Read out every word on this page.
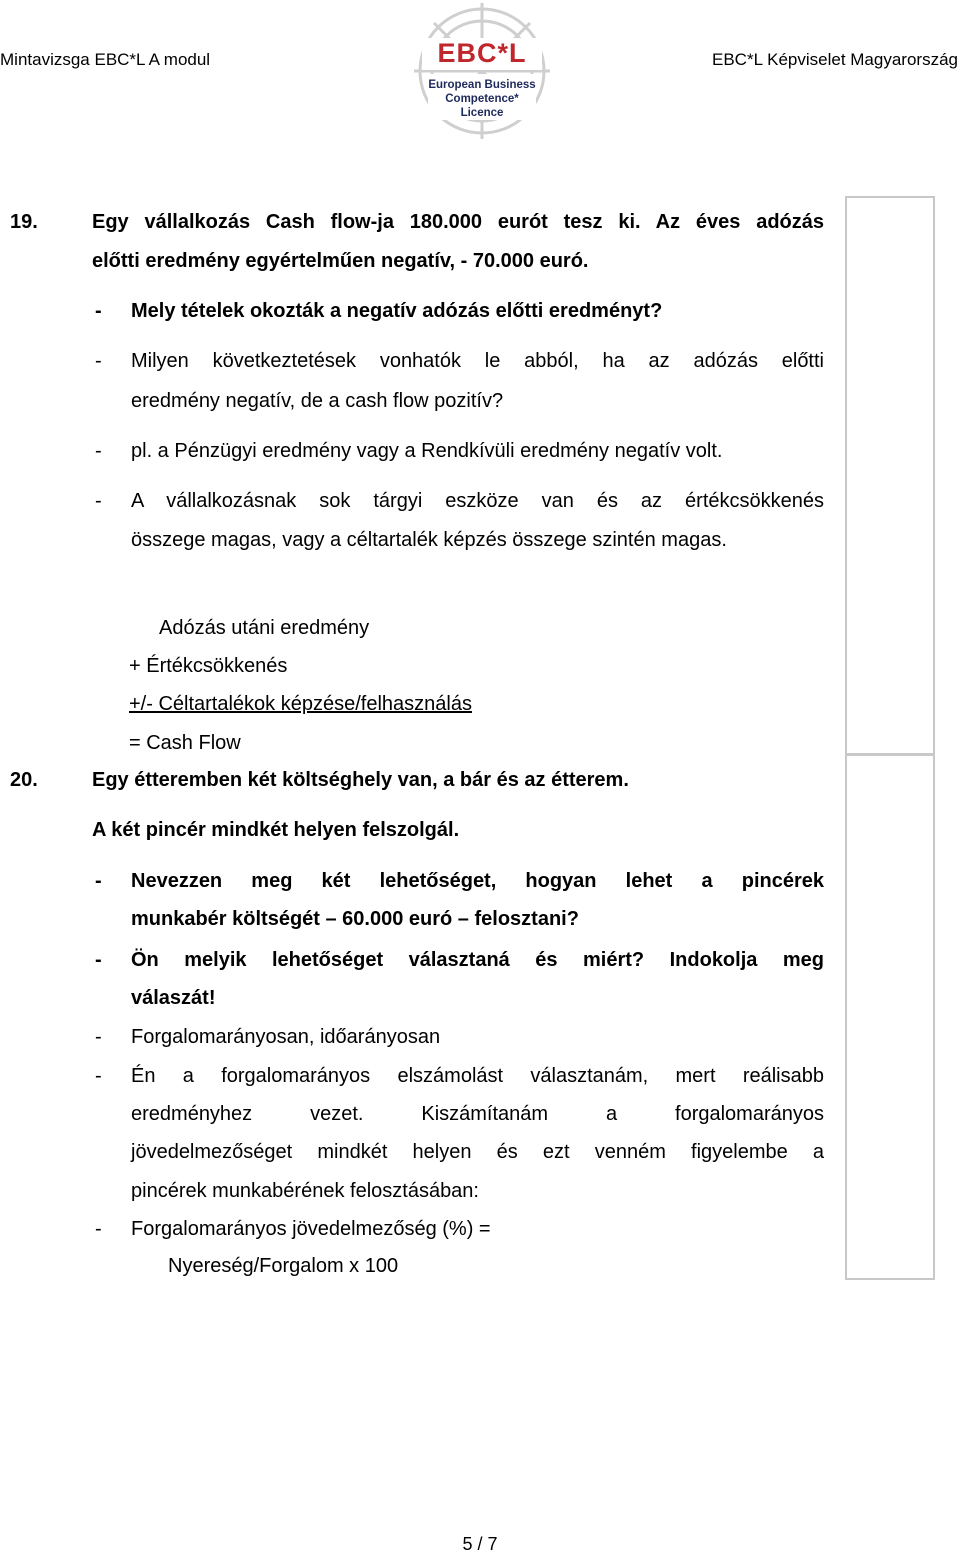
Mintavizsga EBC*L A modul	EBC*L Képviselet Magyarország
EBC*L
European Business
Competence*
Licence
19.	Egy vállalkozás Cash flow-ja 180.000 eurót tesz ki. Az éves adózás
előtti eredmény egyértelműen negatív, - 70.000 euró.
- Mely tételek okozták a negatív adózás előtti eredményt?
- Milyen következtetések vonhatók le abból, ha az adózás előtti
eredmény negatív, de a cash flow pozitív?
- pl. a Pénzügyi eredmény vagy a Rendkívüli eredmény negatív volt.
- A vállalkozásnak sok tárgyi eszköze van és az értékcsökkenés
összege magas, vagy a céltartalék képzés összege szintén magas.
Adózás utáni eredmény
+ Értékcsökkenés
+/- Céltartalékok képzése/felhasználás
= Cash Flow
20.	Egy étteremben két költséghely van, a bár és az étterem.
A két pincér mindkét helyen felszolgál.
- Nevezzen meg két lehetőséget, hogyan lehet a pincérek
munkabér költségét – 60.000 euró – felosztani?
- Ön melyik lehetőséget választaná és miért? Indokolja meg
válaszát!
- Forgalomarányosan, időarányosan
- Én a forgalomarányos elszámolást választanám, mert reálisabb
eredményhez vezet. Kiszámítanám a forgalomarányos
jövedelmezőséget mindkét helyen és ezt venném figyelembe a
pincérek munkabérének felosztásában:
- Forgalomarányos jövedelmezőség (%) =
Nyereség/Forgalom x 100
5 / 7
